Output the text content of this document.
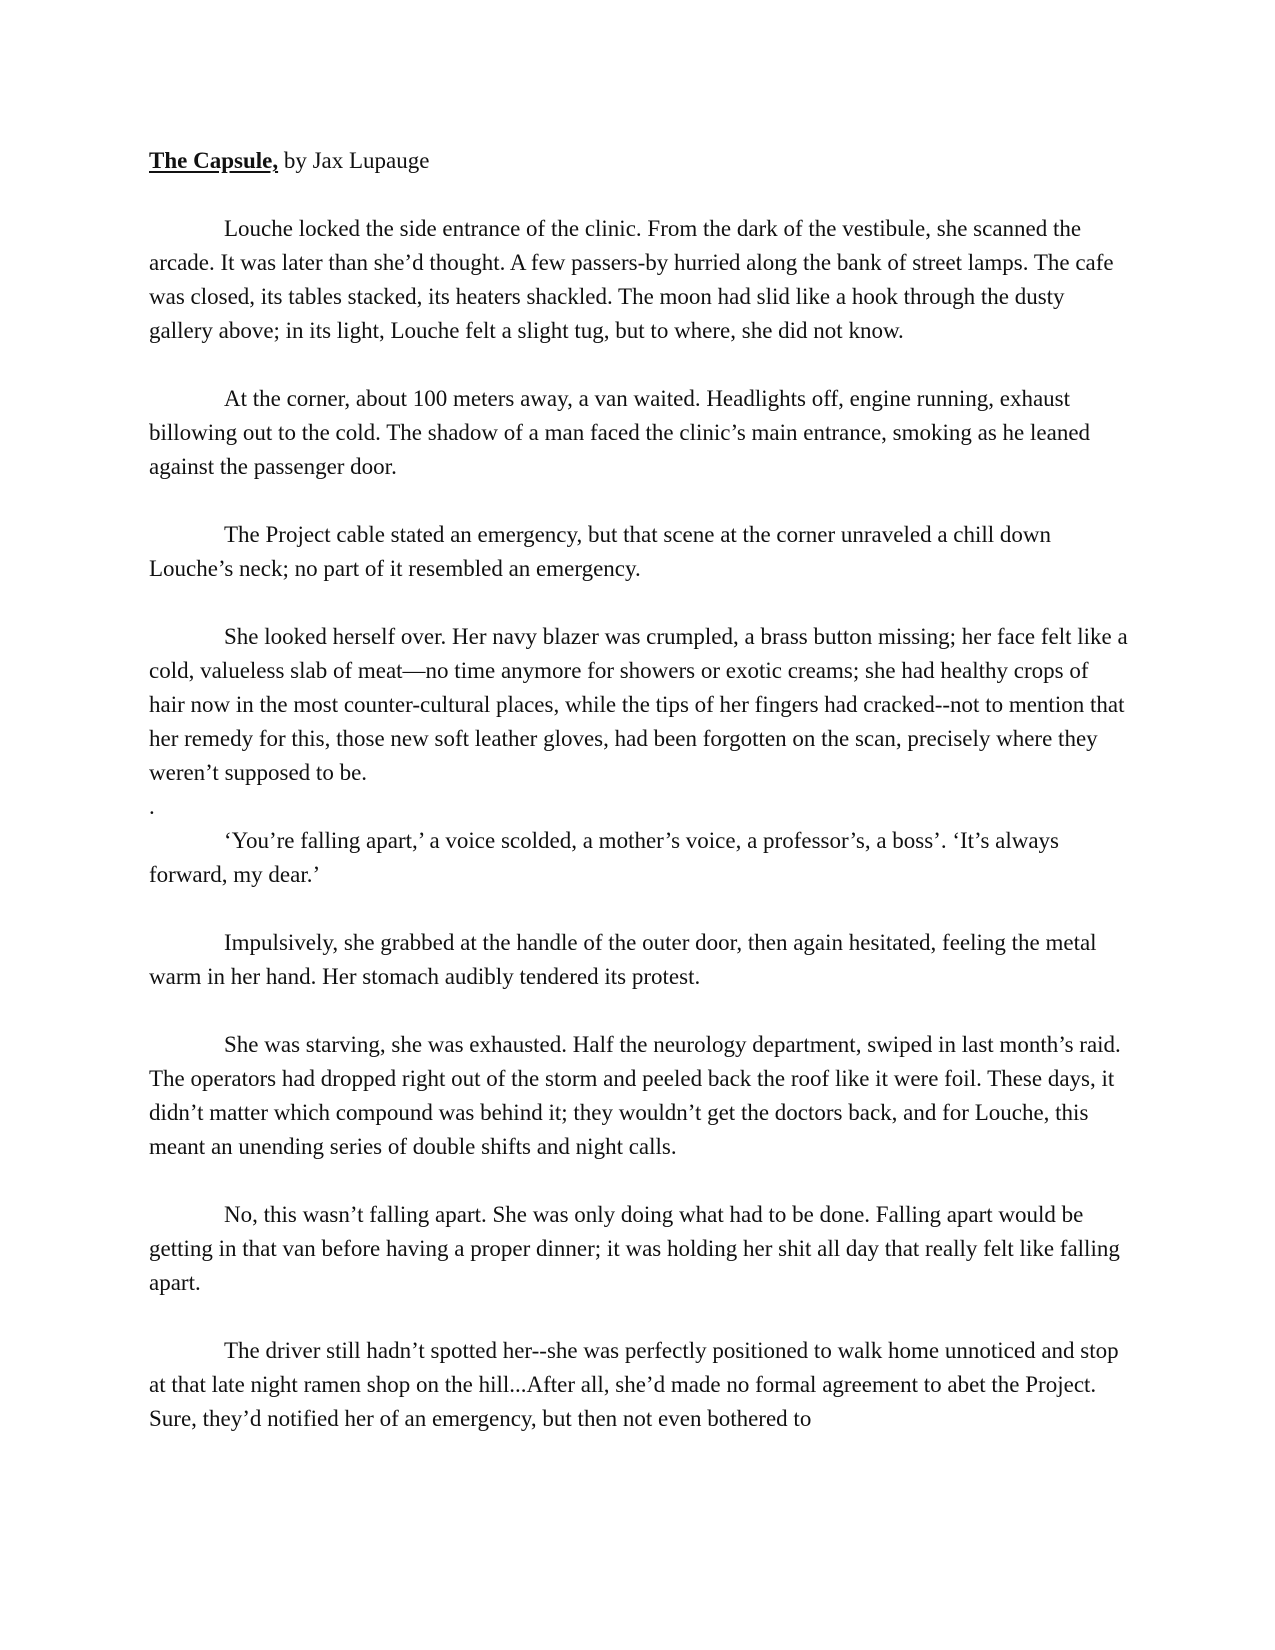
The Capsule, by Jax Lupauge

Louche locked the side entrance of the clinic. From the dark of the vestibule, she scanned the arcade. It was later than she’d thought. A few passers-by hurried along the bank of street lamps. The cafe was closed, its tables stacked, its heaters shackled. The moon had slid like a hook through the dusty gallery above; in its light, Louche felt a slight tug, but to where, she did not know.

At the corner, about 100 meters away, a van waited. Headlights off, engine running, exhaust billowing out to the cold. The shadow of a man faced the clinic’s main entrance, smoking as he leaned against the passenger door.

The Project cable stated an emergency, but that scene at the corner unraveled a chill down Louche’s neck; no part of it resembled an emergency.

She looked herself over. Her navy blazer was crumpled, a brass button missing; her face felt like a cold, valueless slab of meat—no time anymore for showers or exotic creams; she had healthy crops of hair now in the most counter-cultural places, while the tips of her fingers had cracked--not to mention that her remedy for this, those new soft leather gloves, had been forgotten on the scan, precisely where they weren’t supposed to be.

.

‘You’re falling apart,’ a voice scolded, a mother’s voice, a professor’s, a boss’. ‘It’s always forward, my dear.’

Impulsively, she grabbed at the handle of the outer door, then again hesitated, feeling the metal warm in her hand. Her stomach audibly tendered its protest.

She was starving, she was exhausted. Half the neurology department, swiped in last month’s raid. The operators had dropped right out of the storm and peeled back the roof like it were foil. These days, it didn’t matter which compound was behind it; they wouldn’t get the doctors back, and for Louche, this meant an unending series of double shifts and night calls.

No, this wasn’t falling apart. She was only doing what had to be done. Falling apart would be getting in that van before having a proper dinner; it was holding her shit all day that really felt like falling apart.

The driver still hadn’t spotted her--she was perfectly positioned to walk home unnoticed and stop at that late night ramen shop on the hill...After all, she’d made no formal agreement to abet the Project. Sure, they’d notified her of an emergency, but then not even bothered to
